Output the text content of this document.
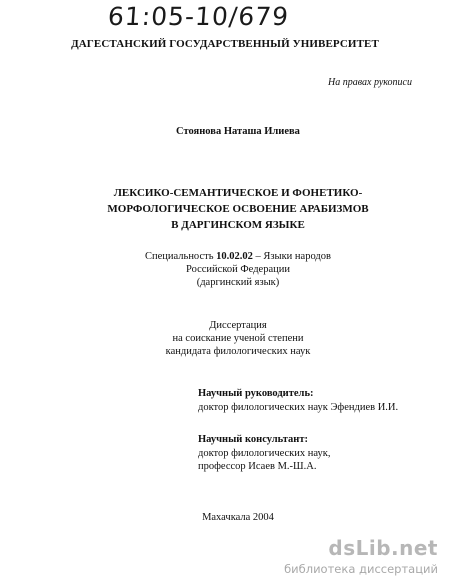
61:05-10/679
ДАГЕСТАНСКИЙ ГОСУДАРСТВЕННЫЙ УНИВЕРСИТЕТ
На правах рукописи
Стоянова Наташа Илиева
ЛЕКСИКО-СЕМАНТИЧЕСКОЕ И ФОНЕТИКО-
МОРФОЛОГИЧЕСКОЕ ОСВОЕНИЕ АРАБИЗМОВ
В ДАРГИНСКОМ ЯЗЫКЕ
Специальность 10.02.02 – Языки народов
Российской Федерации
(даргинский язык)
Диссертация
на соискание ученой степени
кандидата филологических наук
Научный руководитель:
доктор филологических наук Эфендиев И.И.
Научный консультант:
доктор филологических наук,
профессор Исаев М.-Ш.А.
Махачкала 2004
dsLib.net
библиотека диссертаций
